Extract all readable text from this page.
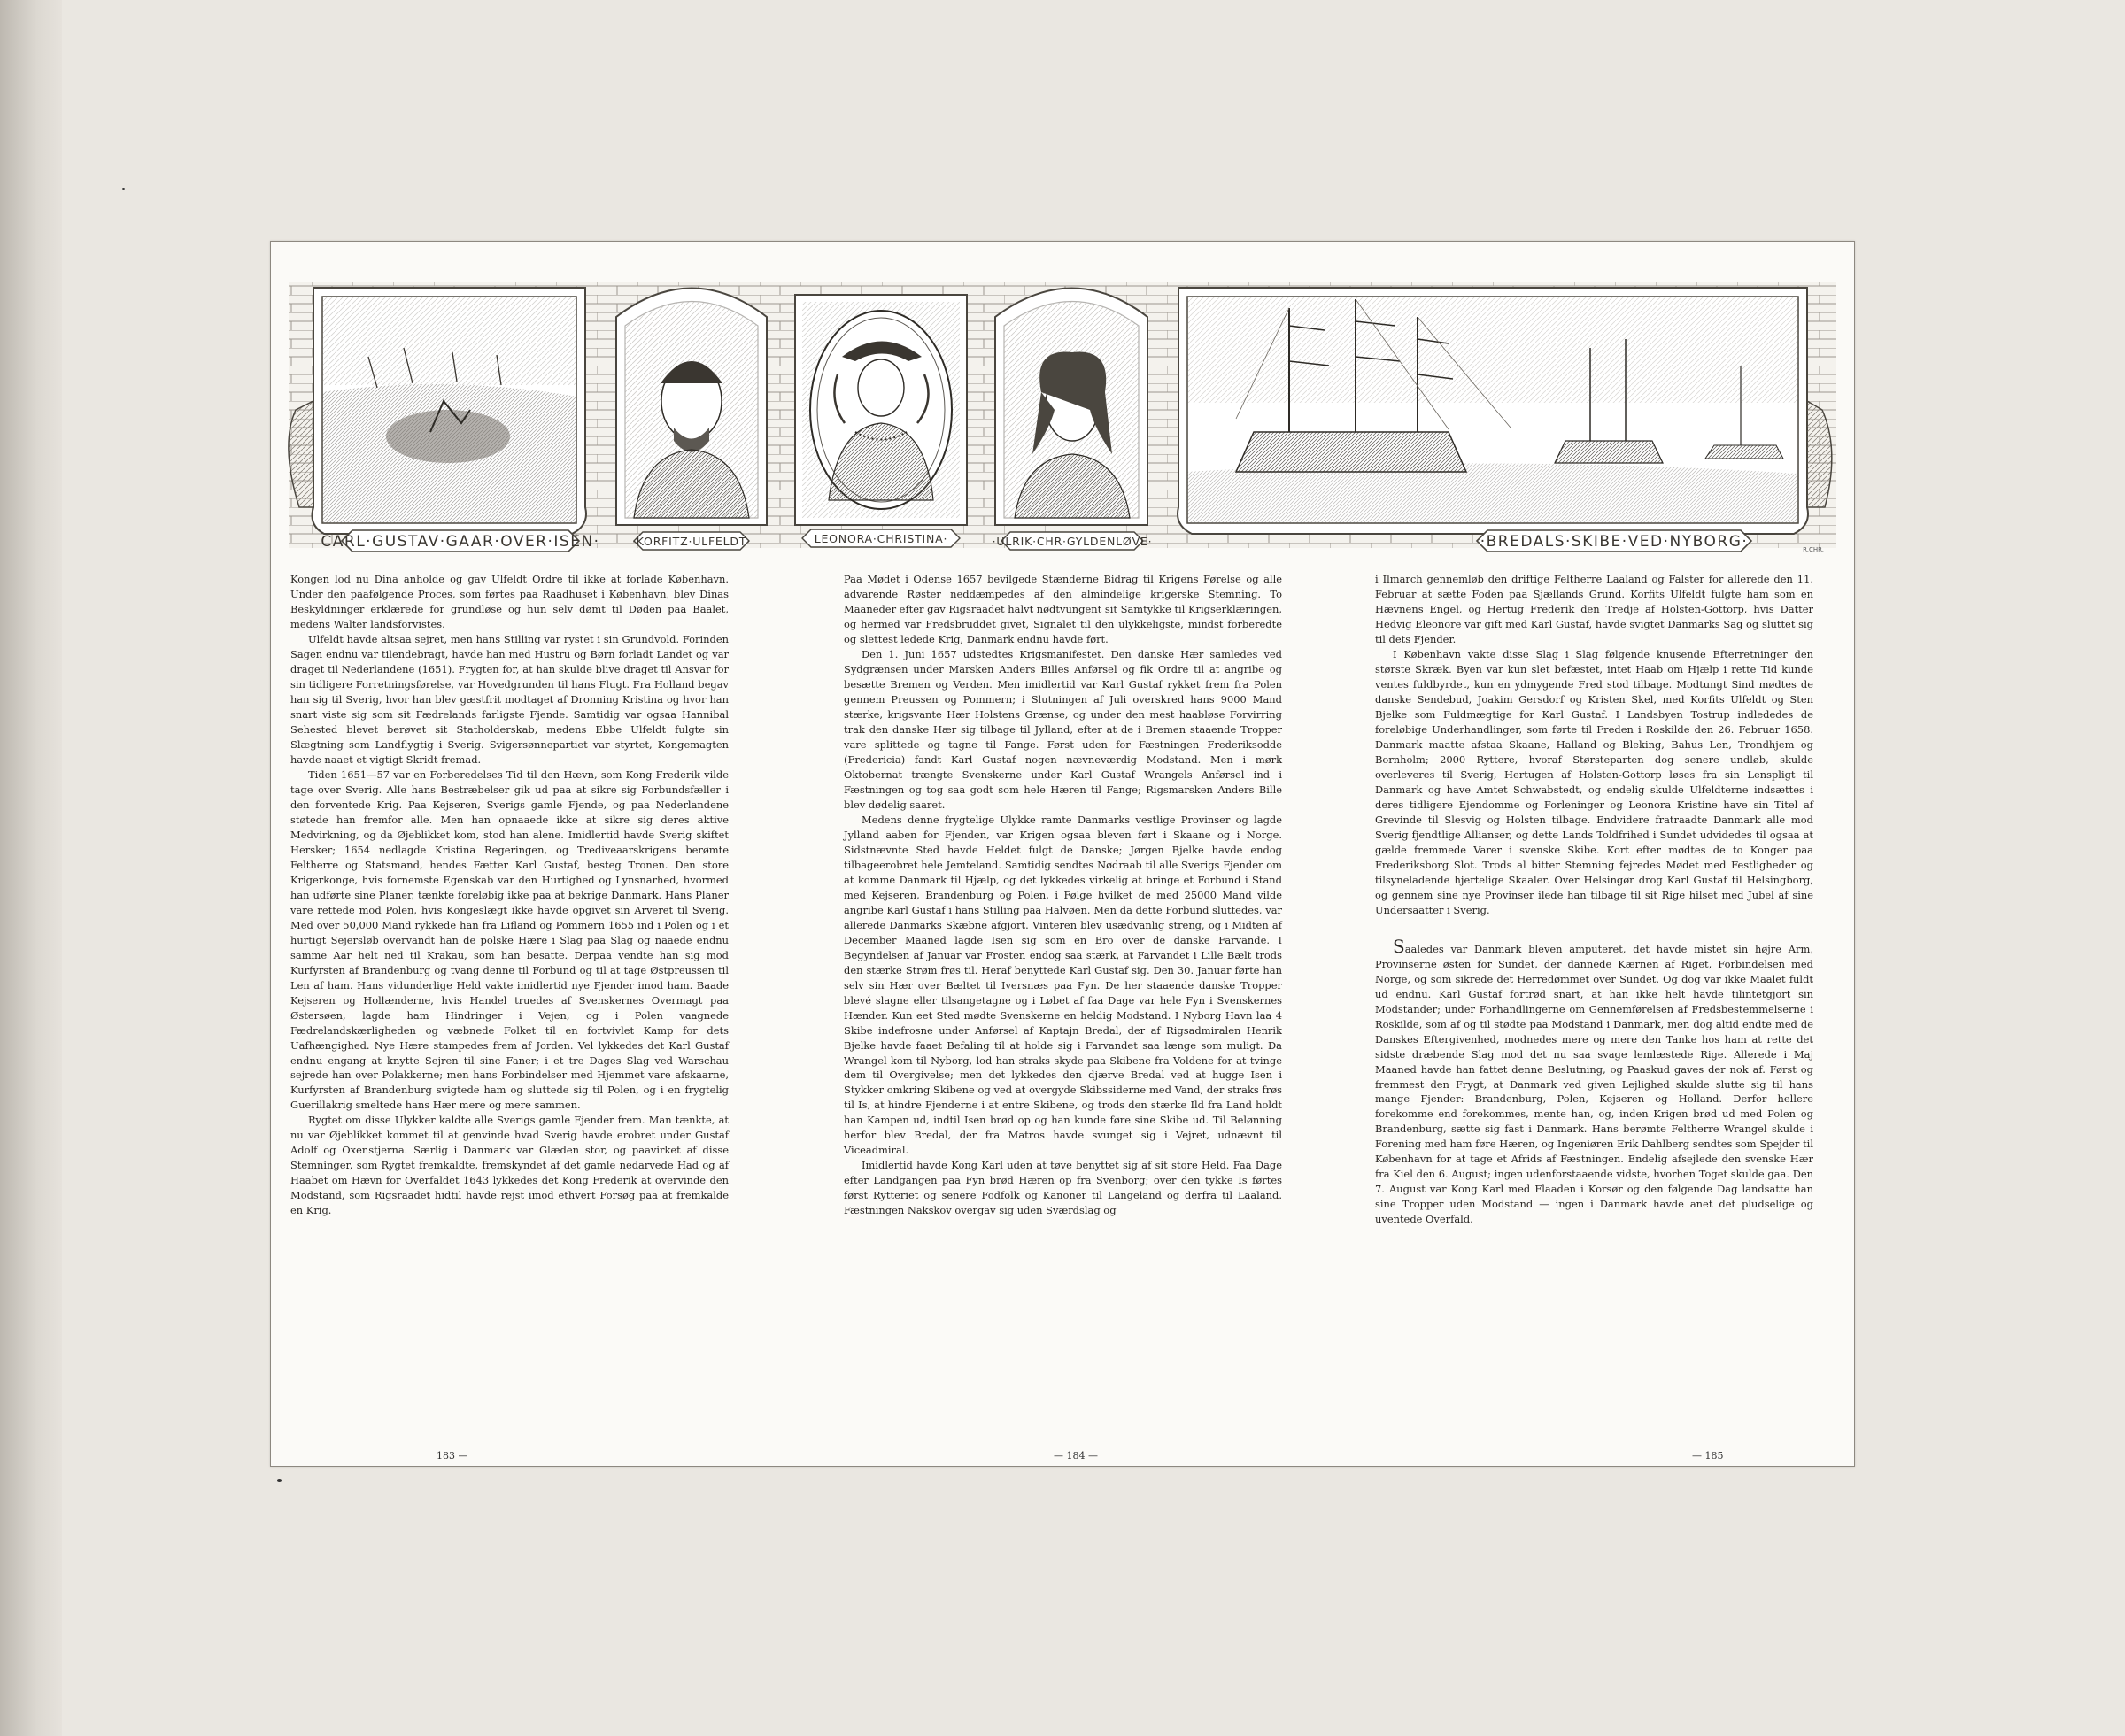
CARL·GUSTAV·GAAR·OVER·ISEN·	·KORFITZ·ULFELDT·	LEONORA·CHRISTINA·	·ULRIK·CHR·GYLDENLØVE·	·BREDALS·SKIBE·VED·NYBORG·	R.CHR.

Kongen lod nu Dina anholde og gav Ulfeldt Ordre til ikke at forlade København. Under den paafølgende Proces, som førtes paa Raadhuset i København, blev Dinas Beskyldninger erklærede for grundløse og hun selv dømt til Døden paa Baalet, medens Walter landsforvistes.

Ulfeldt havde altsaa sejret, men hans Stilling var rystet i sin Grundvold. Forinden Sagen endnu var tilendebragt, havde han med Hustru og Børn forladt Landet og var draget til Nederlandene (1651). Frygten for, at han skulde blive draget til Ansvar for sin tidligere Forretningsførelse, var Hovedgrunden til hans Flugt. Fra Holland begav han sig til Sverig, hvor han blev gæstfrit modtaget af Dronning Kristina og hvor han snart viste sig som sit Fædrelands farligste Fjende. Samtidig var ogsaa Hannibal Sehested blevet berøvet sit Statholderskab, medens Ebbe Ulfeldt fulgte sin Slægtning som Landflygtig i Sverig. Svigersønnepartiet var styrtet, Kongemagten havde naaet et vigtigt Skridt fremad.

Tiden 1651—57 var en Forberedelses Tid til den Hævn, som Kong Frederik vilde tage over Sverig. Alle hans Bestræbelser gik ud paa at sikre sig Forbundsfæller i den forventede Krig. Paa Kejseren, Sverigs gamle Fjende, og paa Nederlandene støtede han fremfor alle. Men han opnaaede ikke at sikre sig deres aktive Medvirkning, og da Øjeblikket kom, stod han alene. Imidlertid havde Sverig skiftet Hersker; 1654 nedlagde Kristina Regeringen, og Trediveaarskrigens berømte Feltherre og Statsmand, hendes Fætter Karl Gustaf, besteg Tronen. Den store Krigerkonge, hvis fornemste Egenskab var den Hurtighed og Lynsnarhed, hvormed han udførte sine Planer, tænkte foreløbig ikke paa at bekrige Danmark. Hans Planer vare rettede mod Polen, hvis Kongeslægt ikke havde opgivet sin Arveret til Sverig. Med over 50,000 Mand rykkede han fra Lifland og Pommern 1655 ind i Polen og i et hurtigt Sejersløb overvandt han de polske Hære i Slag paa Slag og naaede endnu samme Aar helt ned til Krakau, som han besatte. Derpaa vendte han sig mod Kurfyrsten af Brandenburg og tvang denne til Forbund og til at tage Østpreussen til Len af ham. Hans vidunderlige Held vakte imidlertid nye Fjender imod ham. Baade Kejseren og Hollænderne, hvis Handel truedes af Svenskernes Overmagt paa Østersøen, lagde ham Hindringer i Vejen, og i Polen vaagnede Fædrelandskærligheden og væbnede Folket til en fortvivlet Kamp for dets Uafhængighed. Nye Hære stampedes frem af Jorden. Vel lykkedes det Karl Gustaf endnu engang at knytte Sejren til sine Faner; i et tre Dages Slag ved Warschau sejrede han over Polakkerne; men hans Forbindelser med Hjemmet vare afskaarne, Kurfyrsten af Brandenburg svigtede ham og sluttede sig til Polen, og i en frygtelig Guerillakrig smeltede hans Hær mere og mere sammen.

Rygtet om disse Ulykker kaldte alle Sverigs gamle Fjender frem. Man tænkte, at nu var Øjeblikket kommet til at genvinde hvad Sverig havde erobret under Gustaf Adolf og Oxenstjerna. Særlig i Danmark var Glæden stor, og paavirket af disse Stemninger, som Rygtet fremkaldte, fremskyndet af det gamle nedarvede Had og af Haabet om Hævn for Overfaldet 1643 lykkedes det Kong Frederik at overvinde den Modstand, som Rigsraadet hidtil havde rejst imod ethvert Forsøg paa at fremkalde en Krig.

Paa Mødet i Odense 1657 bevilgede Stænderne Bidrag til Krigens Førelse og alle advarende Røster neddæmpedes af den almindelige krigerske Stemning. To Maaneder efter gav Rigsraadet halvt nødtvungent sit Samtykke til Krigserklæringen, og hermed var Fredsbruddet givet, Signalet til den ulykkeligste, mindst forberedte og slettest ledede Krig, Danmark endnu havde ført.

Den 1. Juni 1657 udstedtes Krigsmanifestet. Den danske Hær samledes ved Sydgrænsen under Marsken Anders Billes Anførsel og fik Ordre til at angribe og besætte Bremen og Verden. Men imidlertid var Karl Gustaf rykket frem fra Polen gennem Preussen og Pommern; i Slutningen af Juli overskred hans 9000 Mand stærke, krigsvante Hær Holstens Grænse, og under den mest haabløse Forvirring trak den danske Hær sig tilbage til Jylland, efter at de i Bremen staaende Tropper vare splittede og tagne til Fange. Først uden for Fæstningen Frederiksodde (Fredericia) fandt Karl Gustaf nogen nævneværdig Modstand. Men i mørk Oktobernat trængte Svenskerne under Karl Gustaf Wrangels Anførsel ind i Fæstningen og tog saa godt som hele Hæren til Fange; Rigsmarsken Anders Bille blev dødelig saaret.

Medens denne frygtelige Ulykke ramte Danmarks vestlige Provinser og lagde Jylland aaben for Fjenden, var Krigen ogsaa bleven ført i Skaane og i Norge. Sidstnævnte Sted havde Heldet fulgt de Danske; Jørgen Bjelke havde endog tilbageerobret hele Jemteland. Samtidig sendtes Nødraab til alle Sverigs Fjender om at komme Danmark til Hjælp, og det lykkedes virkelig at bringe et Forbund i Stand med Kejseren, Brandenburg og Polen, i Følge hvilket de med 25000 Mand vilde angribe Karl Gustaf i hans Stilling paa Halvøen. Men da dette Forbund sluttedes, var allerede Danmarks Skæbne afgjort. Vinteren blev usædvanlig streng, og i Midten af December Maaned lagde Isen sig som en Bro over de danske Farvande. I Begyndelsen af Januar var Frosten endog saa stærk, at Farvandet i Lille Bælt trods den stærke Strøm frøs til. Heraf benyttede Karl Gustaf sig. Den 30. Januar førte han selv sin Hær over Bæltet til Iversnæs paa Fyn. De her staaende danske Tropper blevé slagne eller tilsangetagne og i Løbet af faa Dage var hele Fyn i Svenskernes Hænder. Kun eet Sted mødte Svenskerne en heldig Modstand. I Nyborg Havn laa 4 Skibe indefrosne under Anførsel af Kaptajn Bredal, der af Rigsadmiralen Henrik Bjelke havde faaet Befaling til at holde sig i Farvandet saa længe som muligt. Da Wrangel kom til Nyborg, lod han straks skyde paa Skibene fra Voldene for at tvinge dem til Overgivelse; men det lykkedes den djærve Bredal ved at hugge Isen i Stykker omkring Skibene og ved at overgyde Skibssiderne med Vand, der straks frøs til Is, at hindre Fjenderne i at entre Skibene, og trods den stærke Ild fra Land holdt han Kampen ud, indtil Isen brød op og han kunde føre sine Skibe ud. Til Belønning herfor blev Bredal, der fra Matros havde svunget sig i Vejret, udnævnt til Viceadmiral.

Imidlertid havde Kong Karl uden at tøve benyttet sig af sit store Held. Faa Dage efter Landgangen paa Fyn brød Hæren op fra Svenborg; over den tykke Is førtes først Rytteriet og senere Fodfolk og Kanoner til Langeland og derfra til Laaland. Fæstningen Nakskov overgav sig uden Sværdslag og

i Ilmarch gennemløb den driftige Feltherre Laaland og Falster for allerede den 11. Februar at sætte Foden paa Sjællands Grund. Korfits Ulfeldt fulgte ham som en Hævnens Engel, og Hertug Frederik den Tredje af Holsten-Gottorp, hvis Datter Hedvig Eleonore var gift med Karl Gustaf, havde svigtet Danmarks Sag og sluttet sig til dets Fjender.

I København vakte disse Slag i Slag følgende knusende Efterretninger den største Skræk. Byen var kun slet befæstet, intet Haab om Hjælp i rette Tid kunde ventes fuldbyrdet, kun en ydmygende Fred stod tilbage. Modtungt Sind mødtes de danske Sendebud, Joakim Gersdorf og Kristen Skel, med Korfits Ulfeldt og Sten Bjelke som Fuldmægtige for Karl Gustaf. I Landsbyen Tostrup indlededes de foreløbige Underhandlinger, som førte til Freden i Roskilde den 26. Februar 1658. Danmark maatte afstaa Skaane, Halland og Bleking, Bahus Len, Trondhjem og Bornholm; 2000 Ryttere, hvoraf Størsteparten dog senere undløb, skulde overleveres til Sverig, Hertugen af Holsten-Gottorp løses fra sin Lenspligt til Danmark og have Amtet Schwabstedt, og endelig skulde Ulfeldterne indsættes i deres tidligere Ejendomme og Forleninger og Leonora Kristine have sin Titel af Grevinde til Slesvig og Holsten tilbage. Endvidere fratraadte Danmark alle mod Sverig fjendtlige Allianser, og dette Lands Toldfrihed i Sundet udvidedes til ogsaa at gælde fremmede Varer i svenske Skibe. Kort efter mødtes de to Konger paa Frederiksborg Slot. Trods al bitter Stemning fejredes Mødet med Festligheder og tilsyneladende hjertelige Skaaler. Over Helsingør drog Karl Gustaf til Helsingborg, og gennem sine nye Provinser ilede han tilbage til sit Rige hilset med Jubel af sine Undersaatter i Sverig.

Saaledes var Danmark bleven amputeret, det havde mistet sin højre Arm, Provinserne østen for Sundet, der dannede Kærnen af Riget, Forbindelsen med Norge, og som sikrede det Herredømmet over Sundet. Og dog var ikke Maalet fuldt ud endnu. Karl Gustaf fortrød snart, at han ikke helt havde tilintetgjort sin Modstander; under Forhandlingerne om Gennemførelsen af Fredsbestemmelserne i Roskilde, som af og til stødte paa Modstand i Danmark, men dog altid endte med de Danskes Eftergivenhed, modnedes mere og mere den Tanke hos ham at rette det sidste dræbende Slag mod det nu saa svage lemlæstede Rige. Allerede i Maj Maaned havde han fattet denne Beslutning, og Paaskud gaves der nok af. Først og fremmest den Frygt, at Danmark ved given Lejlighed skulde slutte sig til hans mange Fjender: Brandenburg, Polen, Kejseren og Holland. Derfor hellere forekomme end forekommes, mente han, og, inden Krigen brød ud med Polen og Brandenburg, sætte sig fast i Danmark. Hans berømte Feltherre Wrangel skulde i Forening med ham føre Hæren, og Ingeniøren Erik Dahlberg sendtes som Spejder til København for at tage et Afrids af Fæstningen. Endelig afsejlede den svenske Hær fra Kiel den 6. August; ingen udenforstaaende vidste, hvorhen Toget skulde gaa. Den 7. August var Kong Karl med Flaaden i Korsør og den følgende Dag landsatte han sine Tropper uden Modstand — ingen i Danmark havde anet det pludselige og uventede Overfald.

183 —	— 184 —	— 185
